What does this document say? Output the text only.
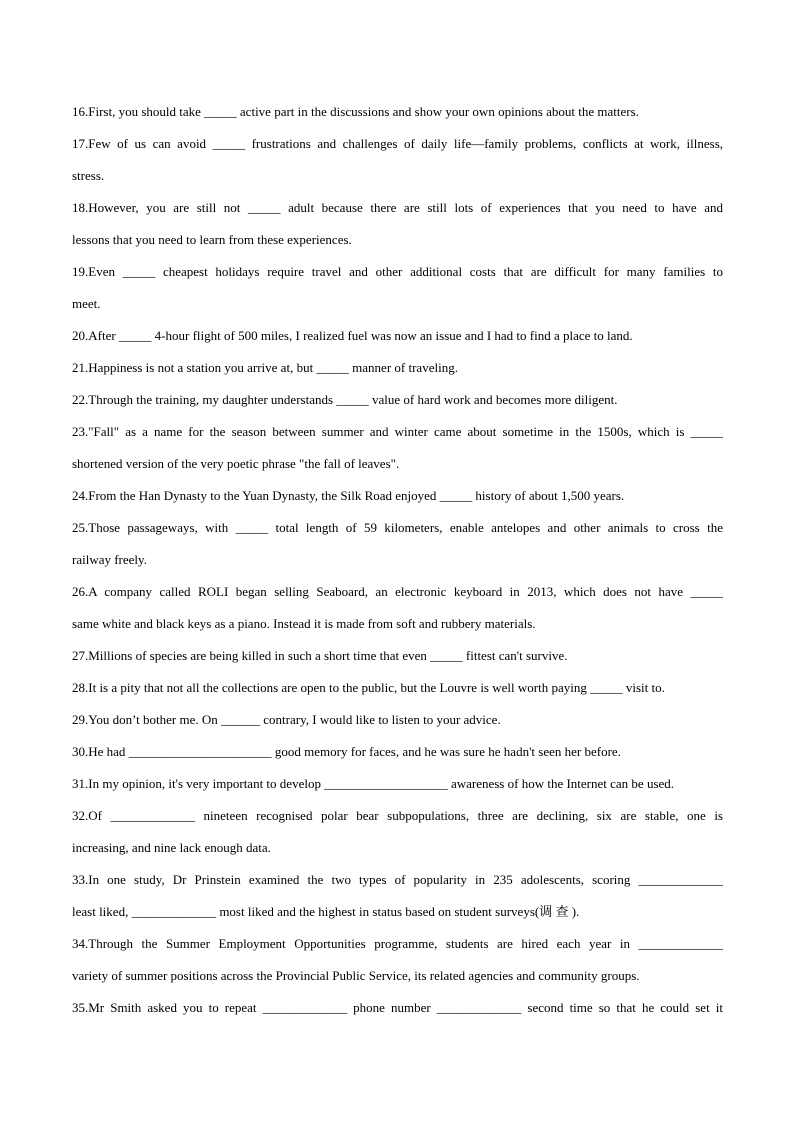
16.First, you should take _____ active part in the discussions and show your own opinions about the matters.
17.Few of us can avoid _____ frustrations and challenges of daily life—family problems, conflicts at work, illness,
stress.
18.However, you are still not _____ adult because there are still lots of experiences that you need to have and
lessons that you need to learn from these experiences.
19.Even _____ cheapest holidays require travel and other additional costs that are difficult for many families to
meet.
20.After _____ 4-hour flight of 500 miles, I realized fuel was now an issue and I had to find a place to land.
21.Happiness is not a station you arrive at, but _____ manner of traveling.
22.Through the training, my daughter understands _____ value of hard work and becomes more diligent.
23."Fall" as a name for the season between summer and winter came about sometime in the 1500s, which is _____
shortened version of the very poetic phrase "the fall of leaves".
24.From the Han Dynasty to the Yuan Dynasty, the Silk Road enjoyed _____ history of about 1,500 years.
25.Those passageways, with _____ total length of 59 kilometers, enable antelopes and other animals to cross the
railway freely.
26.A company called ROLI began selling Seaboard, an electronic keyboard in 2013, which does not have _____
same white and black keys as a piano. Instead it is made from soft and rubbery materials.
27.Millions of species are being killed in such a short time that even _____ fittest can't survive.
28.It is a pity that not all the collections are open to the public, but the Louvre is well worth paying _____ visit to.
29.You don’t bother me. On ______ contrary, I would like to listen to your advice.
30.He had ______________________ good memory for faces, and he was sure he hadn't seen her before.
31.In my opinion, it's very important to develop ___________________ awareness of how the Internet can be used.
32.Of _____________ nineteen recognised polar bear subpopulations, three are declining, six are stable, one is
increasing, and nine lack enough data.
33.In one study, Dr Prinstein examined the two types of popularity in 235 adolescents, scoring _____________
least liked, _____________ most liked and the highest in status based on student surveys(调 查 ).
34.Through the Summer Employment Opportunities programme, students are hired each year in _____________
variety of summer positions across the Provincial Public Service, its related agencies and community groups.
35.Mr Smith asked you to repeat _____________ phone number _____________ second time so that he could set it
